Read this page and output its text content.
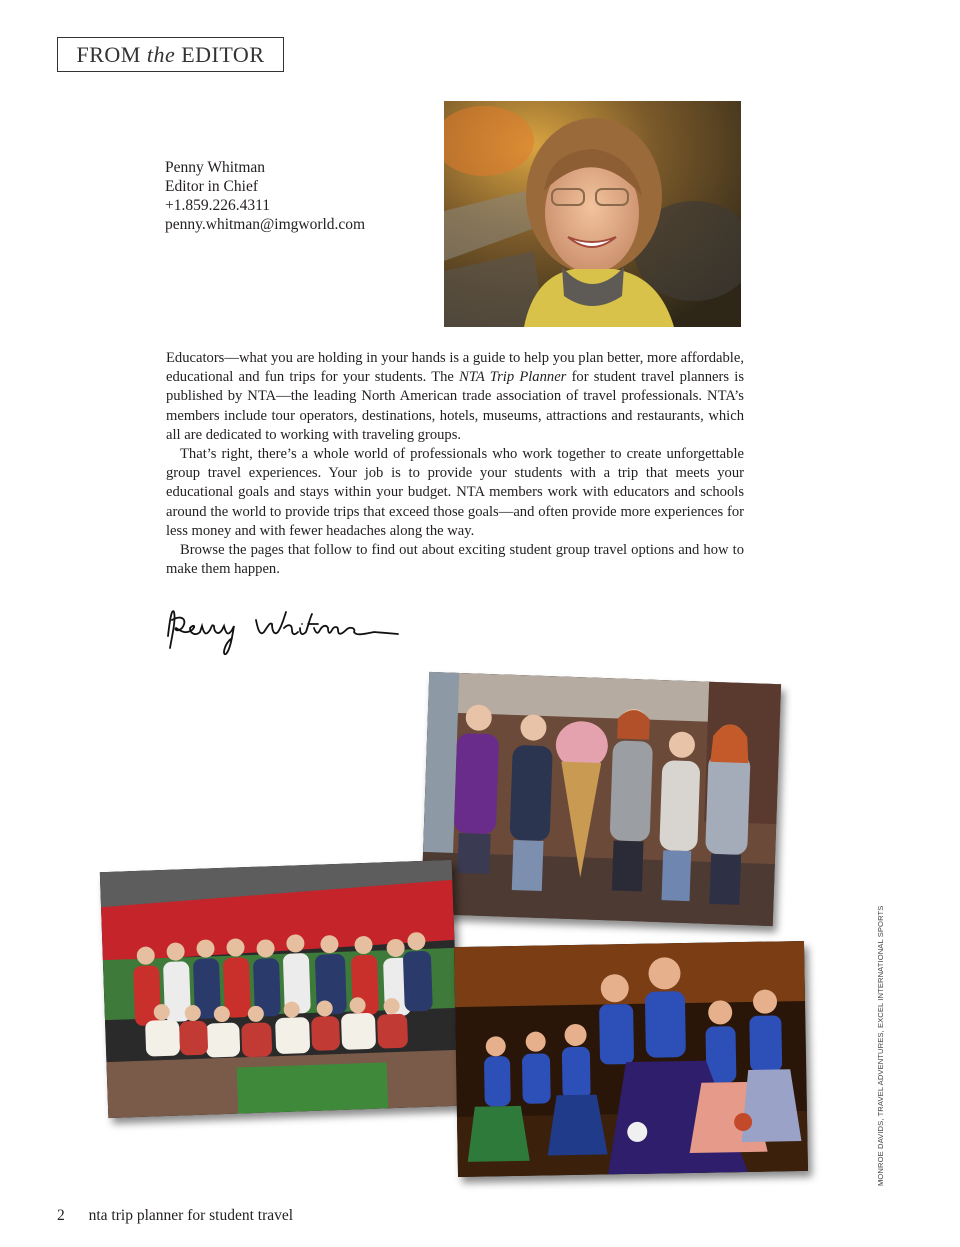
FROM the EDITOR
Penny Whitman
Editor in Chief
+1.859.226.4311
penny.whitman@imgworld.com

Educators—what you are holding in your hands is a guide to help you plan better, more affordable, educational and fun trips for your students. The NTA Trip Planner for student travel planners is published by NTA—the leading North American trade association of travel professionals. NTA’s members include tour operators, destinations, hotels, museums, attractions and restaurants, which all are dedicated to working with traveling groups.

That’s right, there’s a whole world of professionals who work together to create unforgettable group travel experiences. Your job is to provide your students with a trip that meets your educational goals and stays within your budget. NTA members work with educators and schools around the world to provide trips that exceed those goals—and often provide more experiences for less money and with fewer headaches along the way.

Browse the pages that follow to find out about exciting student group travel options and how to make them happen.

MONROE DAVIDS, TRAVEL ADVENTURES, EXCEL INTERNATIONAL SPORTS
2 nta trip planner for student travel
